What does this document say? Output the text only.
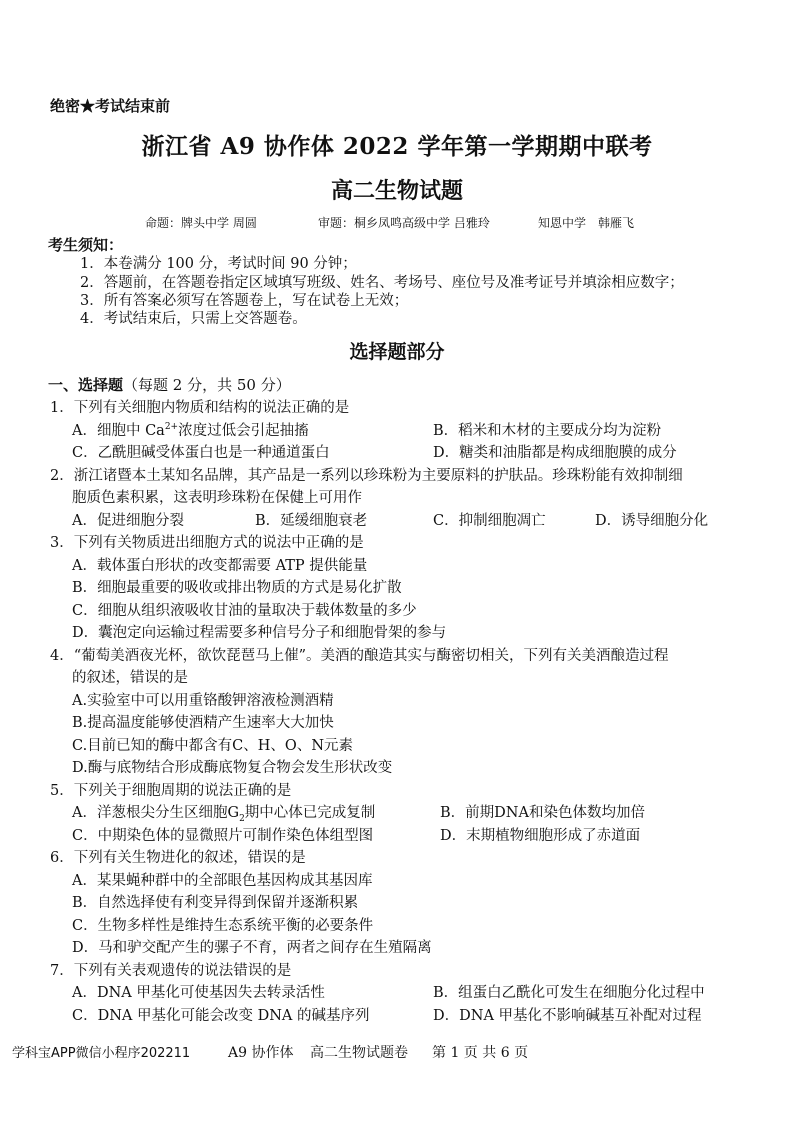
绝密★考试结束前
浙江省 A9 协作体 2022 学年第一学期期中联考
高二生物试题
命题：牌头中学 周圆	审题：桐乡凤鸣高级中学 吕雅玲	知恩中学　韩雁飞
考生须知：
1．本卷满分 100 分，考试时间 90 分钟；
2．答题前，在答题卷指定区域填写班级、姓名、考场号、座位号及准考证号并填涂相应数字；
3．所有答案必须写在答题卷上，写在试卷上无效；
4．考试结束后，只需上交答题卷。
选择题部分
一、选择题（每题 2 分，共 50 分）
1．下列有关细胞内物质和结构的说法正确的是
A．细胞中 $Ca^{2+}$浓度过低会引起抽搐	B．稻米和木材的主要成分均为淀粉
C．乙酰胆碱受体蛋白也是一种通道蛋白	D．糖类和油脂都是构成细胞膜的成分
2．浙江诸暨本土某知名品牌，其产品是一系列以珍珠粉为主要原料的护肤品。珍珠粉能有效抑制细
胞质色素积累，这表明珍珠粉在保健上可用作
A．促进细胞分裂	B．延缓细胞衰老	C．抑制细胞凋亡	D．诱导细胞分化
3．下列有关物质进出细胞方式的说法中正确的是
A．载体蛋白形状的改变都需要 ATP 提供能量
B．细胞最重要的吸收或排出物质的方式是易化扩散
C．细胞从组织液吸收甘油的量取决于载体数量的多少
D．囊泡定向运输过程需要多种信号分子和细胞骨架的参与
4．“葡萄美酒夜光杯，欲饮琵琶马上催”。美酒的酿造其实与酶密切相关，下列有关美酒酿造过程
的叙述，错误的是
A.实验室中可以用重铬酸钾溶液检测酒精
B.提高温度能够使酒精产生速率大大加快
C.目前已知的酶中都含有C、H、O、N元素
D.酶与底物结合形成酶底物复合物会发生形状改变
5．下列关于细胞周期的说法正确的是
A．洋葱根尖分生区细胞$G_2$期中心体已完成复制	B．前期DNA和染色体数均加倍
C．中期染色体的显微照片可制作染色体组型图	D．末期植物细胞形成了赤道面
6．下列有关生物进化的叙述，错误的是
A．某果蝇种群中的全部眼色基因构成其基因库
B．自然选择使有利变异得到保留并逐渐积累
C．生物多样性是维持生态系统平衡的必要条件
D．马和驴交配产生的骡子不育，两者之间存在生殖隔离
7．下列有关表观遗传的说法错误的是
A．DNA 甲基化可使基因失去转录活性	B．组蛋白乙酰化可发生在细胞分化过程中
C．DNA 甲基化可能会改变 DNA 的碱基序列	D．DNA 甲基化不影响碱基互补配对过程
学科宝APP微信小程序202211	A9 协作体 高二生物试题卷 第 1 页 共 6 页
